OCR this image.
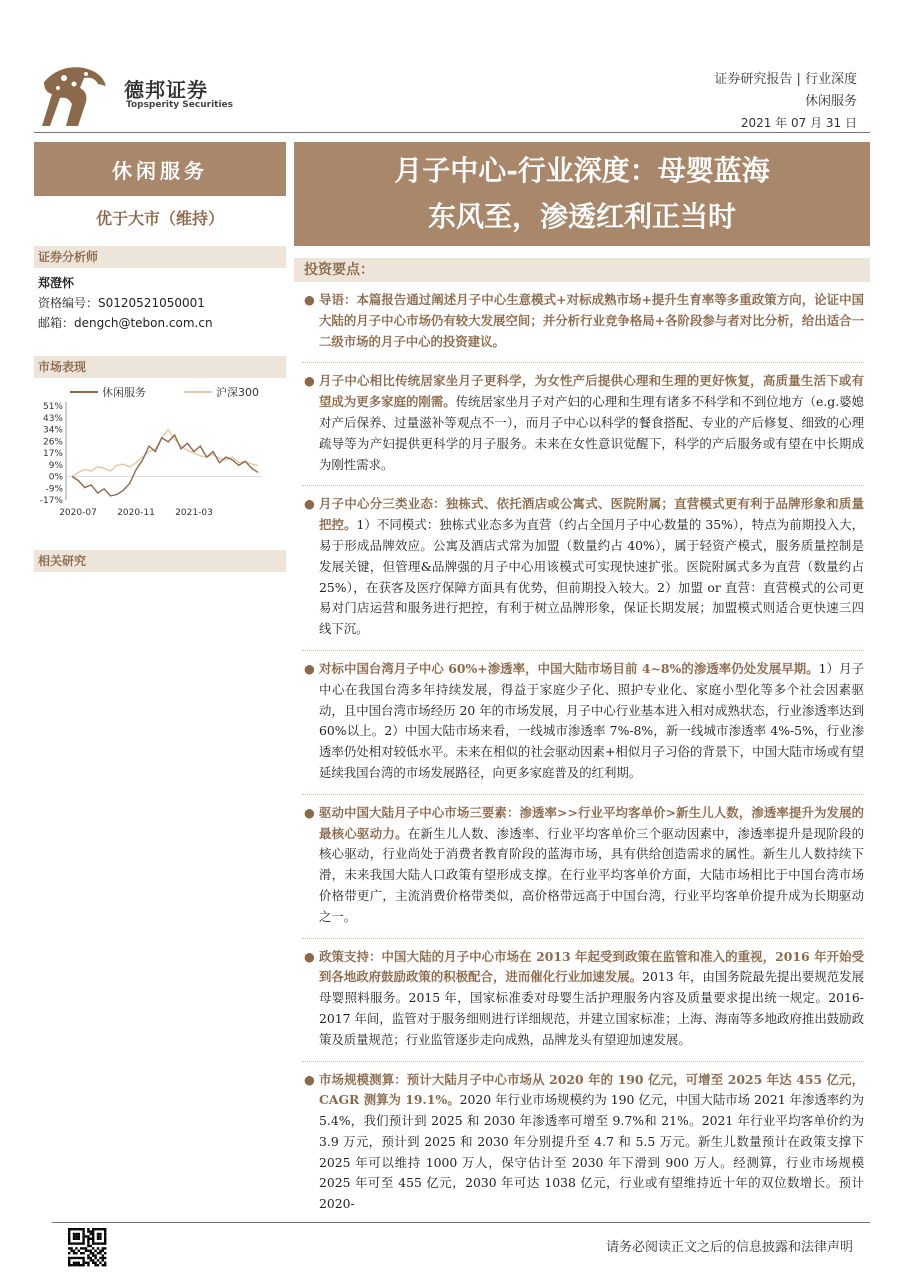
德邦证券
Topsperity Securities
证券研究报告 | 行业深度
休闲服务
2021 年 07 月 31 日
休闲服务
优于大市（维持）
月子中心-行业深度：母婴蓝海
东风至，渗透红利正当时
证券分析师
郑澄怀
资格编号：S0120521050001
邮箱：dengch@tebon.com.cn
市场表现
休闲服务	沪深300
51%
43%
34%
26%
17%
9%
0%
-9%
-17%
2020-07 2020-11 2021-03
相关研究
投资要点：
● 导语：本篇报告通过阐述月子中心生意模式+对标成熟市场+提升生育率等多重政策方向，论证中国大陆的月子中心市场仍有较大发展空间；并分析行业竞争格局+各阶段参与者对比分析，给出适合一二级市场的月子中心的投资建议。
● 月子中心相比传统居家坐月子更科学，为女性产后提供心理和生理的更好恢复，高质量生活下或有望成为更多家庭的刚需。传统居家坐月子对产妇的心理和生理有诸多不科学和不到位地方（e.g.婆媳对产后保养、过量滋补等观点不一），而月子中心以科学的餐食搭配、专业的产后修复、细致的心理疏导等为产妇提供更科学的月子服务。未来在女性意识觉醒下，科学的产后服务或有望在中长期成为刚性需求。
● 月子中心分三类业态：独栋式、依托酒店或公寓式、医院附属；直营模式更有利于品牌形象和质量把控。1）不同模式：独栋式业态多为直营（约占全国月子中心数量的 35%），特点为前期投入大，易于形成品牌效应。公寓及酒店式常为加盟（数量约占 40%），属于轻资产模式，服务质量控制是发展关键，但管理&品牌强的月子中心用该模式可实现快速扩张。医院附属式多为直营（数量约占 25%），在获客及医疗保障方面具有优势，但前期投入较大。2）加盟 or 直营：直营模式的公司更易对门店运营和服务进行把控，有利于树立品牌形象，保证长期发展；加盟模式则适合更快速三四线下沉。
● 对标中国台湾月子中心 60%+渗透率，中国大陆市场目前 4~8%的渗透率仍处发展早期。1）月子中心在我国台湾多年持续发展，得益于家庭少子化、照护专业化、家庭小型化等多个社会因素驱动，且中国台湾市场经历 20 年的市场发展，月子中心行业基本进入相对成熟状态，行业渗透率达到 60%以上。2）中国大陆市场来看，一线城市渗透率 7%-8%，新一线城市渗透率 4%-5%，行业渗透率仍处相对较低水平。未来在相似的社会驱动因素+相似月子习俗的背景下，中国大陆市场或有望延续我国台湾的市场发展路径，向更多家庭普及的红利期。
● 驱动中国大陆月子中心市场三要素：渗透率>>行业平均客单价>新生儿人数，渗透率提升为发展的最核心驱动力。在新生儿人数、渗透率、行业平均客单价三个驱动因素中，渗透率提升是现阶段的核心驱动，行业尚处于消费者教育阶段的蓝海市场，具有供给创造需求的属性。新生儿人数持续下滑，未来我国大陆人口政策有望形成支撑。在行业平均客单价方面，大陆市场相比于中国台湾市场价格带更广，主流消费价格带类似，高价格带远高于中国台湾，行业平均客单价提升成为长期驱动之一。
● 政策支持：中国大陆的月子中心市场在 2013 年起受到政策在监管和准入的重视，2016 年开始受到各地政府鼓励政策的积极配合，进而催化行业加速发展。2013 年，由国务院最先提出要规范发展母婴照料服务。2015 年，国家标准委对母婴生活护理服务内容及质量要求提出统一规定。2016-2017 年间，监管对于服务细则进行详细规范，并建立国家标准；上海、海南等多地政府推出鼓励政策及质量规范；行业监管逐步走向成熟，品牌龙头有望迎加速发展。
● 市场规模测算：预计大陆月子中心市场从 2020 年的 190 亿元，可增至 2025 年达 455 亿元，CAGR 测算为 19.1%。2020 年行业市场规模约为 190 亿元，中国大陆市场 2021 年渗透率约为 5.4%，我们预计到 2025 和 2030 年渗透率可增至 9.7%和 21%。2021 年行业平均客单价约为 3.9 万元，预计到 2025 和 2030 年分别提升至 4.7 和 5.5 万元。新生儿数量预计在政策支撑下 2025 年可以维持 1000 万人，保守估计至 2030 年下滑到 900 万人。经测算，行业市场规模 2025 年可至 455 亿元，2030 年可达 1038 亿元，行业或有望维持近十年的双位数增长。预计 2020-
请务必阅读正文之后的信息披露和法律声明
